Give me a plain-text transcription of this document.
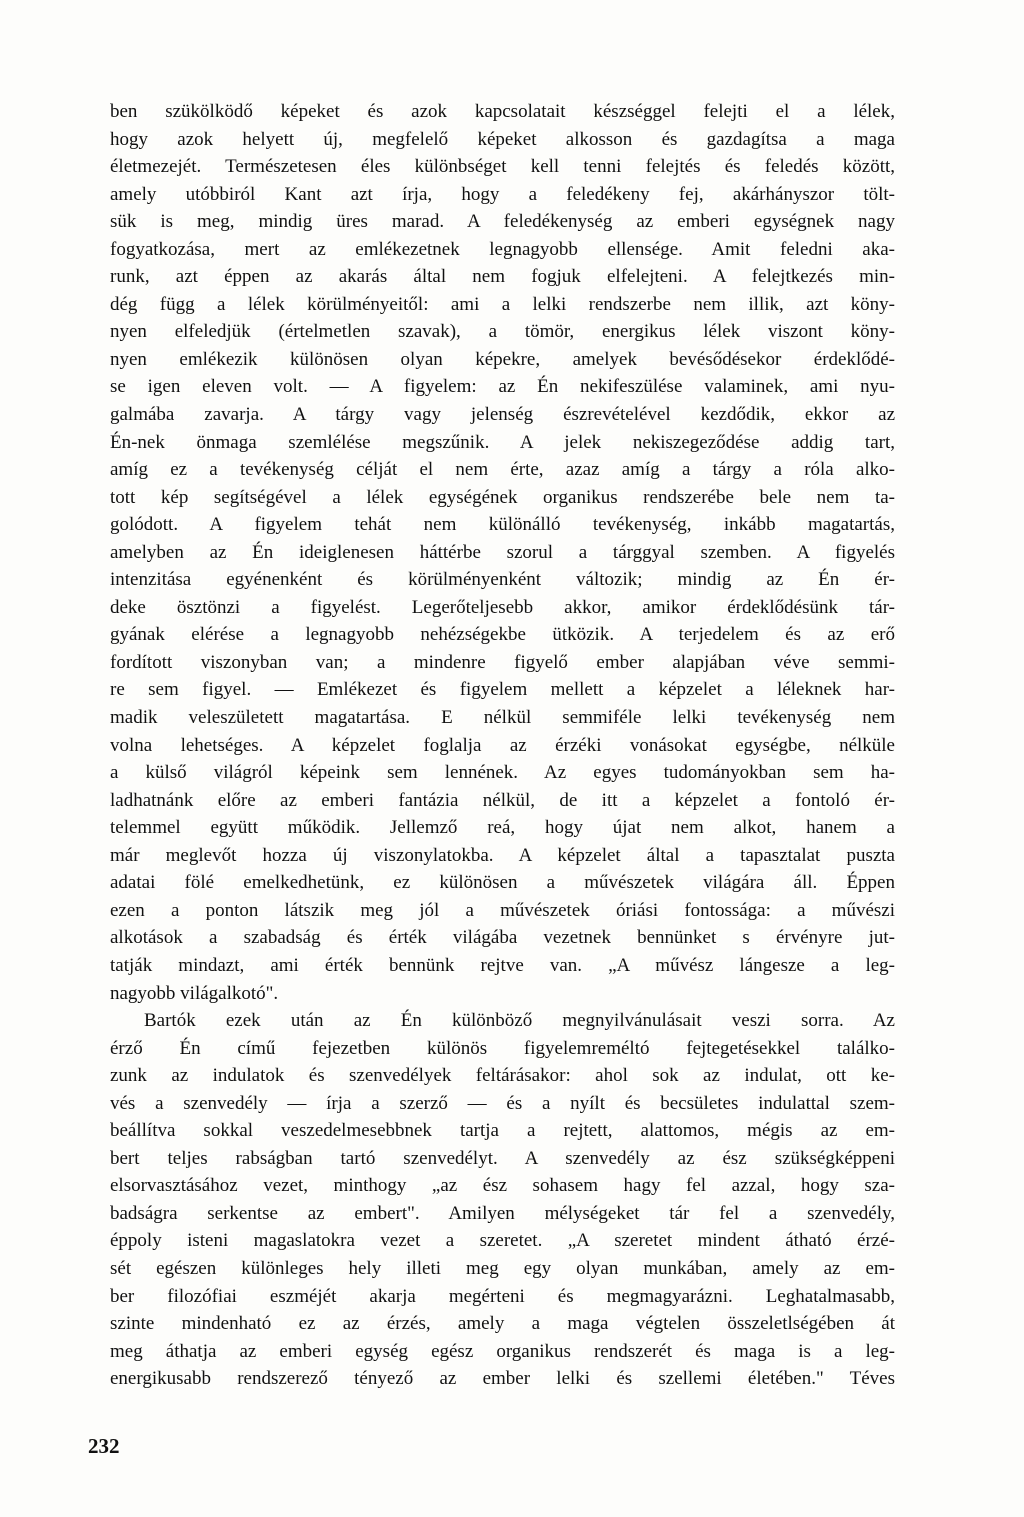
ben szükölködő képeket és azok kapcsolatait készséggel felejti el a lélek,
hogy azok helyett új, megfelelő képeket alkosson és gazdagítsa a maga
életmezejét. Természetesen éles különbséget kell tenni felejtés és feledés között,
amely utóbbiról Kant azt írja, hogy a feledékeny fej, akárhányszor tölt-
sük is meg, mindig üres marad. A feledékenység az emberi egységnek nagy
fogyatkozása, mert az emlékezetnek legnagyobb ellensége. Amit feledni aka-
runk, azt éppen az akarás által nem fogjuk elfelejteni. A felejtkezés min-
dég függ a lélek körülményeitől: ami a lelki rendszerbe nem illik, azt köny-
nyen elfeledjük (értelmetlen szavak), a tömör, energikus lélek viszont köny-
nyen emlékezik különösen olyan képekre, amelyek bevésődésekor érdeklődé-
se igen eleven volt. — A figyelem: az Én nekifeszülése valaminek, ami nyu-
galmába zavarja. A tárgy vagy jelenség észrevételével kezdődik, ekkor az
Én-nek önmaga szemlélése megszűnik. A jelek nekiszegeződése addig tart,
amíg ez a tevékenység célját el nem érte, azaz amíg a tárgy a róla alko-
tott kép segítségével a lélek egységének organikus rendszerébe bele nem ta-
golódott. A figyelem tehát nem különálló tevékenység, inkább magatartás,
amelyben az Én ideiglenesen háttérbe szorul a tárggyal szemben. A figyelés
intenzitása egyénenként és körülményenként változik; mindig az Én ér-
deke ösztönzi a figyelést. Legerőteljesebb akkor, amikor érdeklődésünk tár-
gyának elérése a legnagyobb nehézségekbe ütközik. A terjedelem és az erő
fordított viszonyban van; a mindenre figyelő ember alapjában véve semmi-
re sem figyel. — Emlékezet és figyelem mellett a képzelet a léleknek har-
madik veleszületett magatartása. E nélkül semmiféle lelki tevékenység nem
volna lehetséges. A képzelet foglalja az érzéki vonásokat egységbe, nélküle
a külső világról képeink sem lennének. Az egyes tudományokban sem ha-
ladhatnánk előre az emberi fantázia nélkül, de itt a képzelet a fontoló ér-
telemmel együtt működik. Jellemző reá, hogy újat nem alkot, hanem a
már meglevőt hozza új viszonylatokba. A képzelet által a tapasztalat puszta
adatai fölé emelkedhetünk, ez különösen a művészetek világára áll. Éppen
ezen a ponton látszik meg jól a művészetek óriási fontossága: a művészi
alkotások a szabadság és érték világába vezetnek bennünket s érvényre jut-
tatják mindazt, ami érték bennünk rejtve van. „A művész lángesze a leg-
nagyobb világalkotó".
Bartók ezek után az Én különböző megnyilvánulásait veszi sorra. Az
érző Én című fejezetben különös figyelemreméltó fejtegetésekkel találko-
zunk az indulatok és szenvedélyek feltárásakor: ahol sok az indulat, ott ke-
vés a szenvedély — írja a szerző — és a nyílt és becsületes indulattal szem-
beállítva sokkal veszedelmesebbnek tartja a rejtett, alattomos, mégis az em-
bert teljes rabságban tartó szenvedélyt. A szenvedély az ész szükségképpeni
elsorvasztásához vezet, minthogy „az ész sohasem hagy fel azzal, hogy sza-
badságra serkentse az embert". Amilyen mélységeket tár fel a szenvedély,
éppoly isteni magaslatokra vezet a szeretet. „A szeretet mindent átható érzé-
sét egészen különleges hely illeti meg egy olyan munkában, amely az em-
ber filozófiai eszméjét akarja megérteni és megmagyarázni. Leghatalmasabb,
szinte mindenható ez az érzés, amely a maga végtelen összeletlségében át
meg áthatja az emberi egység egész organikus rendszerét és maga is a leg-
energikusabb rendszerező tényező az ember lelki és szellemi életében." Téves
232
